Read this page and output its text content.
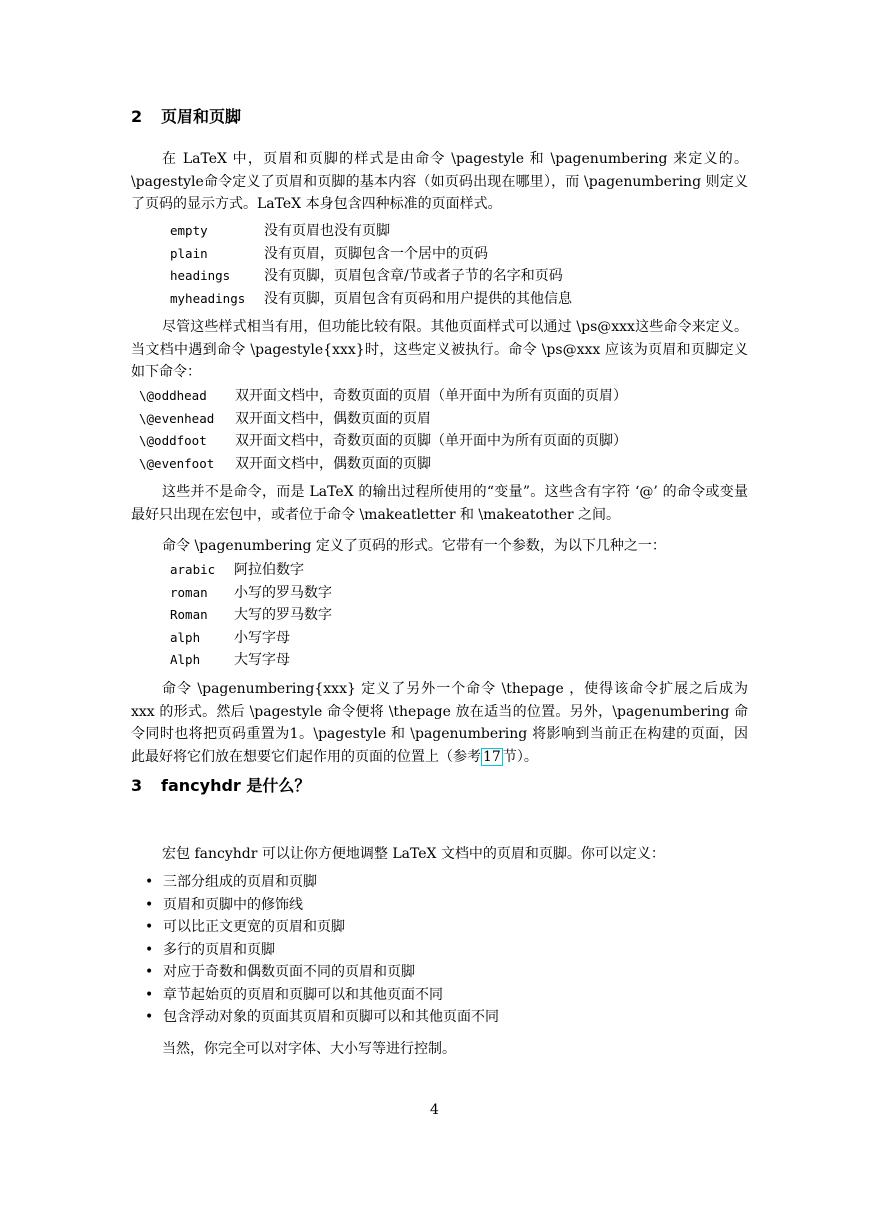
2 页眉和页脚
在 LaTeX 中，页眉和页脚的样式是由命令 \pagestyle 和 \pagenumbering 来定义的。\pagestyle命令定义了页眉和页脚的基本内容（如页码出现在哪里），而 \pagenumbering 则定义了页码的显示方式。LaTeX 本身包含四种标准的页面样式。
empty	没有页眉也没有页脚
plain	没有页眉，页脚包含一个居中的页码
headings 没有页脚，页眉包含章/节或者子节的名字和页码
myheadings 没有页脚，页眉包含有页码和用户提供的其他信息
尽管这些样式相当有用，但功能比较有限。其他页面样式可以通过 \ps@xxx这些命令来定义。当文档中遇到命令 \pagestyle{xxx}时，这些定义被执行。命令 \ps@xxx 应该为页眉和页脚定义如下命令：
\@oddhead 双开面文档中，奇数页面的页眉（单开面中为所有页面的页眉）
\@evenhead 双开面文档中，偶数页面的页眉
\@oddfoot 双开面文档中，奇数页面的页脚（单开面中为所有页面的页脚）
\@evenfoot 双开面文档中，偶数页面的页脚
这些并不是命令，而是 LaTeX 的输出过程所使用的“变量”。这些含有字符 ‘@’ 的命令或变量最好只出现在宏包中，或者位于命令 \makeatletter 和 \makeatother 之间。
命令 \pagenumbering 定义了页码的形式。它带有一个参数，为以下几种之一：
arabic 阿拉伯数字
roman 小写的罗马数字
Roman 大写的罗马数字
alph 小写字母
Alph 大写字母
命令 \pagenumbering{xxx} 定义了另外一个命令 \thepage ，使得该命令扩展之后成为 xxx 的形式。然后 \pagestyle 命令便将 \thepage 放在适当的位置。另外，\pagenumbering 命令同时也将把页码重置为1。\pagestyle 和 \pagenumbering 将影响到当前正在构建的页面，因此最好将它们放在想要它们起作用的页面的位置上（参考 17 节）。
3 fancyhdr 是什么？
宏包 fancyhdr 可以让你方便地调整 LaTeX 文档中的页眉和页脚。你可以定义：
• 三部分组成的页眉和页脚
• 页眉和页脚中的修饰线
• 可以比正文更宽的页眉和页脚
• 多行的页眉和页脚
• 对应于奇数和偶数页面不同的页眉和页脚
• 章节起始页的页眉和页脚可以和其他页面不同
• 包含浮动对象的页面其页眉和页脚可以和其他页面不同
当然，你完全可以对字体、大小写等进行控制。
4
